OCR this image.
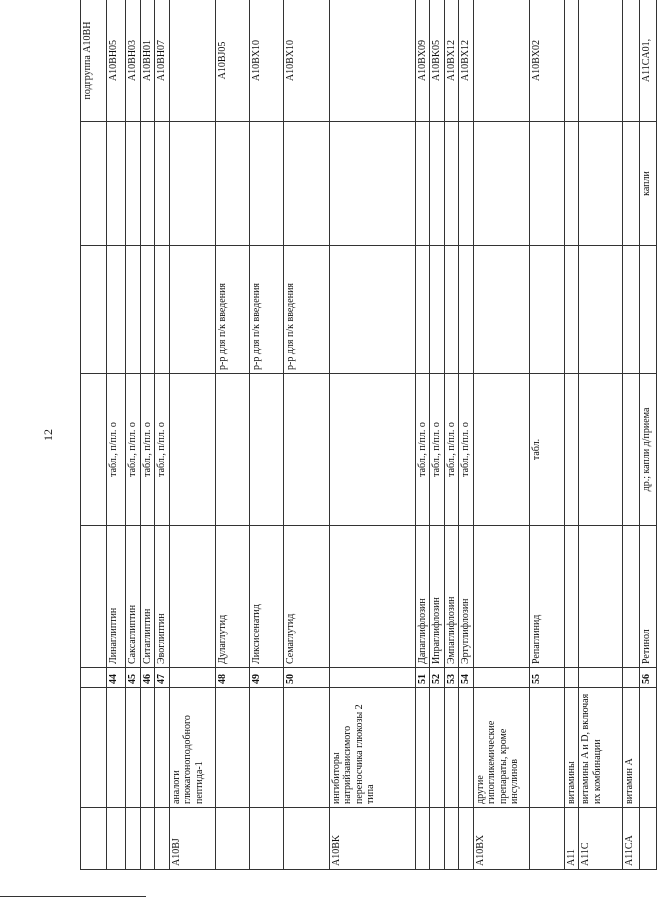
12
							подгруппа A10BH
		44	Линаглиптин	табл., п/пл. о			A10BH05
		45	Саксаглиптин	табл., п/пл. о			A10BH03
		46	Ситаглиптин	табл., п/пл. о			A10BH01
		47	Эвоглиптин	табл., п/пл. о			A10BH07
A10BJ	аналоги глюкагоноподобного пептида-1						
		48	Дулаглутид		р-р для п/к введения		A10BJ05
		49	Ликсисенатид		р-р для п/к введения		A10BX10
		50	Семаглутид		р-р для п/к введения		A10BX10
A10BK	ингибиторы натрийзависимого переносчика глюкозы 2 типа						
		51	Дапаглифлозин	табл., п/пл. о			A10BX09
		52	Ипраглифлозин	табл., п/пл. о			A10BK05
		53	Эмпаглифлозин	табл., п/пл. о			A10BX12
		54	Эртуглифлозин	табл., п/пл. о			A10BX12
A10BX	другие гипогликемические препараты, кроме инсулинов						
		55	Репаглинид	табл.			A10BX02
A11	витамины						
A11C	витамины A и D, включая их комбинации						
A11CA	витамин A						
		56	Ретинол	др.; капли д/приема		капли	A11CA01,
